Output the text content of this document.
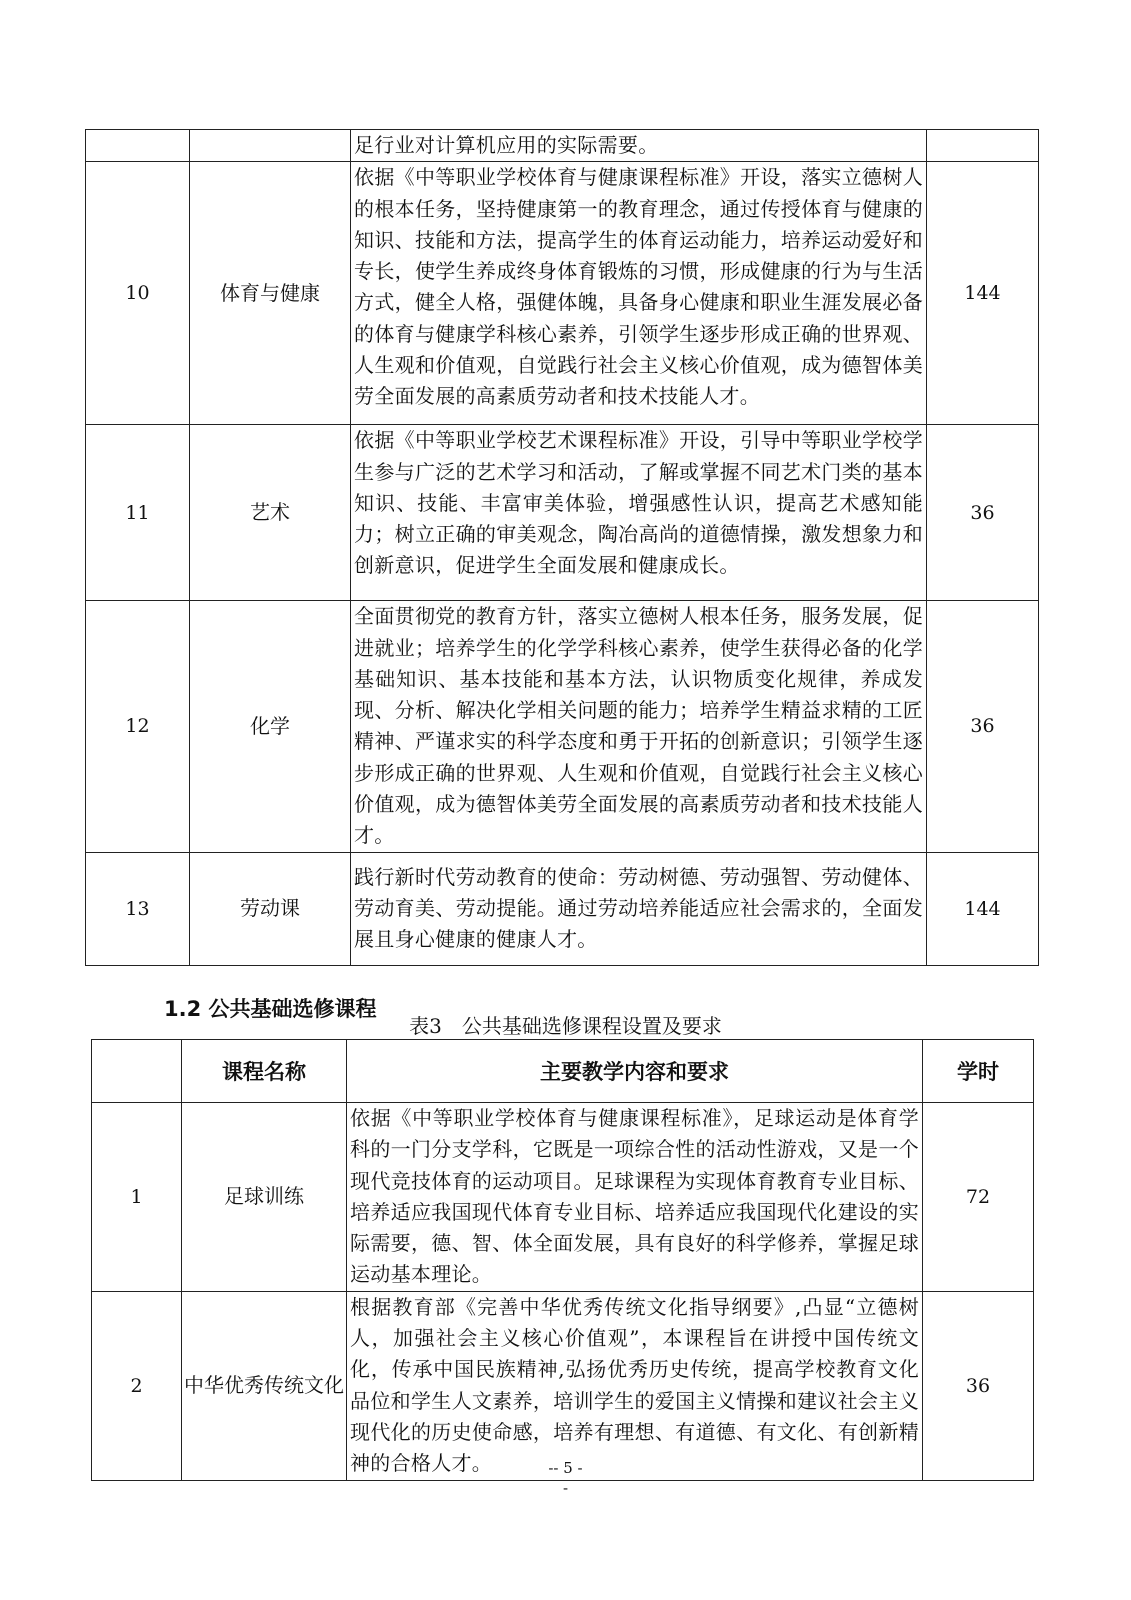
		足行业对计算机应用的实际需要。	
10	体育与健康	依据《中等职业学校体育与健康课程标准》开设，落实立德树人的根本任务，坚持健康第一的教育理念，通过传授体育与健康的知识、技能和方法，提高学生的体育运动能力，培养运动爱好和专长，使学生养成终身体育锻炼的习惯，形成健康的行为与生活方式，健全人格，强健体魄，具备身心健康和职业生涯发展必备的体育与健康学科核心素养，引领学生逐步形成正确的世界观、人生观和价值观，自觉践行社会主义核心价值观，成为德智体美劳全面发展的高素质劳动者和技术技能人才。	144
11	艺术	依据《中等职业学校艺术课程标准》开设，引导中等职业学校学生参与广泛的艺术学习和活动，了解或掌握不同艺术门类的基本知识、技能、丰富审美体验，增强感性认识，提高艺术感知能力；树立正确的审美观念，陶冶高尚的道德情操，激发想象力和创新意识，促进学生全面发展和健康成长。	36
12	化学	全面贯彻党的教育方针，落实立德树人根本任务，服务发展，促进就业；培养学生的化学学科核心素养，使学生获得必备的化学基础知识、基本技能和基本方法，认识物质变化规律，养成发现、分析、解决化学相关问题的能力；培养学生精益求精的工匠精神、严谨求实的科学态度和勇于开拓的创新意识；引领学生逐步形成正确的世界观、人生观和价值观，自觉践行社会主义核心价值观，成为德智体美劳全面发展的高素质劳动者和技术技能人才。	36
13	劳动课	践行新时代劳动教育的使命：劳动树德、劳动强智、劳动健体、劳动育美、劳动提能。通过劳动培养能适应社会需求的，全面发展且身心健康的健康人才。	144
1.2 公共基础选修课程
表3　公共基础选修课程设置及要求
	课程名称	主要教学内容和要求	学时
1	足球训练	依据《中等职业学校体育与健康课程标准》，足球运动是体育学科的一门分支学科，它既是一项综合性的活动性游戏，又是一个现代竞技体育的运动项目。足球课程为实现体育教育专业目标、培养适应我国现代体育专业目标、培养适应我国现代化建设的实际需要，德、智、体全面发展，具有良好的科学修养，掌握足球运动基本理论。	72
2	中华优秀传统文化	根据教育部《完善中华优秀传统文化指导纲要》,凸显“立德树人，加强社会主义核心价值观”，本课程旨在讲授中国传统文化，传承中国民族精神,弘扬优秀历史传统，提高学校教育文化品位和学生人文素养，培训学生的爱国主义情操和建议社会主义现代化的历史使命感，培养有理想、有道德、有文化、有创新精神的合格人才。	36
-- 5 -
-
